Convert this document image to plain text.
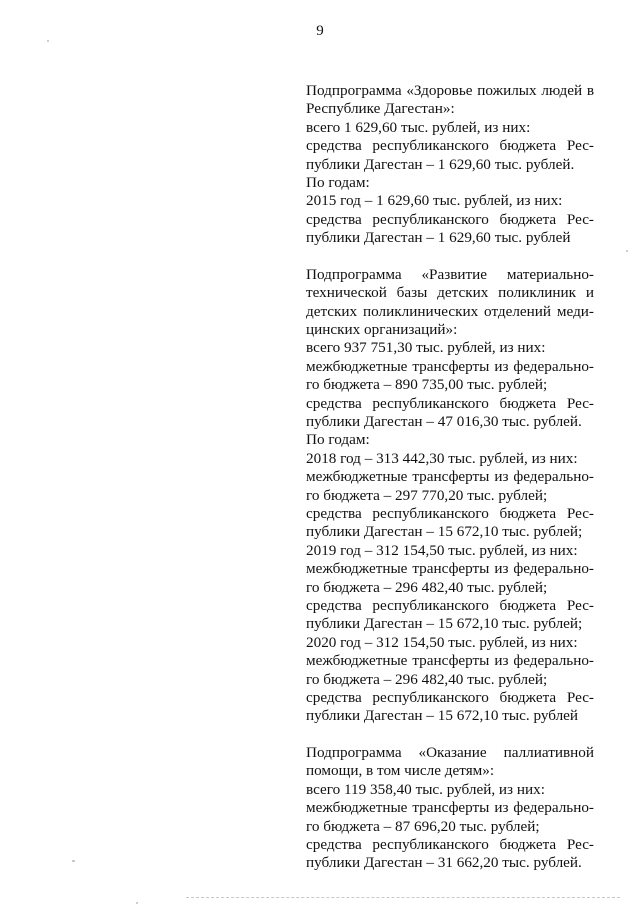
9
Подпрограмма «Здоровье пожилых людей в
Республике Дагестан»:
всего 1 629,60 тыс. рублей, из них:
средства республиканского бюджета Рес-
публики Дагестан – 1 629,60 тыс. рублей.
По годам:
2015 год – 1 629,60 тыс. рублей, из них:
средства республиканского бюджета Рес-
публики Дагестан – 1 629,60 тыс. рублей
Подпрограмма «Развитие материально-
технической базы детских поликлиник и
детских поликлинических отделений меди-
цинских организаций»:
всего 937 751,30 тыс. рублей, из них:
межбюджетные трансферты из федерально-
го бюджета – 890 735,00 тыс. рублей;
средства республиканского бюджета Рес-
публики Дагестан – 47 016,30 тыс. рублей.
По годам:
2018 год – 313 442,30 тыс. рублей, из них:
межбюджетные трансферты из федерально-
го бюджета – 297 770,20 тыс. рублей;
средства республиканского бюджета Рес-
публики Дагестан – 15 672,10 тыс. рублей;
2019 год – 312 154,50 тыс. рублей, из них:
межбюджетные трансферты из федерально-
го бюджета – 296 482,40 тыс. рублей;
средства республиканского бюджета Рес-
публики Дагестан – 15 672,10 тыс. рублей;
2020 год – 312 154,50 тыс. рублей, из них:
межбюджетные трансферты из федерально-
го бюджета – 296 482,40 тыс. рублей;
средства республиканского бюджета Рес-
публики Дагестан – 15 672,10 тыс. рублей
Подпрограмма «Оказание паллиативной
помощи, в том числе детям»:
всего 119 358,40 тыс. рублей, из них:
межбюджетные трансферты из федерально-
го бюджета – 87 696,20 тыс. рублей;
средства республиканского бюджета Рес-
публики Дагестан – 31 662,20 тыс. рублей.
